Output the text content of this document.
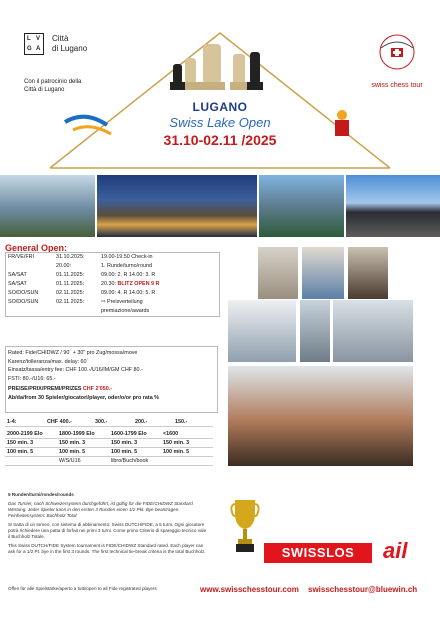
L V
G A
Città
di Lugano
Con il patrocinio della
Città di Lugano
LUGANO
Swiss Lake Open
31.10-02.11 /2025
swiss chess tour
General Open:
FR/VE/FRI	31.10.2025:	19.00-19.50 Check-in
20.00:	1. Runde/turno/round
SA/SAT	01.11.2025:	09.00: 2. R 14.00: 3. R
SA/SAT	01.11.2025:	20.30: BLITZ OPEN 9 R
SO/DO/SUN	02.11.2025:	09.00: 4. R 14.00: 5. R
SO/DO/SUN	02.11.2025:	⇨ Preisverteilung
premiazione/awards
Rated: Fide/CHIDWZ / 90´ + 30" pro Zug/mossa/move
Karenz/tolleranza/max. delay: 60´
Einsatz/tassa/entry fee: CHF 100.-/U16/IM/GM CHF 80.-
FSTI: 80.-/U16: 65.-
PREISE/PRIX/PREMI/PRIZES CHF 2'050.-
Ab/da/from 30 Spieler/giocatori/player, oder/o/or pro rata %
1-4:	CHF 400.-	300.-	200.-	150.-
2000-2199 Elo	1800-1999 Elo	1600-1799 Elo	<1600
150 min. 3	150 min. 3	150 min. 3	150 min. 3
100 min. 5	100 min. 5	100 min. 5	100 min. 5
W/S/U16	libro/Buch/book

5 Runden/turni/rondes/rounds

Das Turnier, nach Schweizersystem durchgeführt, ist gültig für die FIDE/CHIDWZ Standard Wertung. Jeder Spieler kann in den ersten 3 Runden einen 1/2 Pkt. Bye beantragen. Feinheitensystem: Buchholz Total

Si tratta di un torneo, con sistema di abbinamento: Swiss DUTCH/FIDE, a 5 turni. Ogni giocatore potrà richiedere una patta di forfait nei primi 3 turni. Come primo Criterio di spareggio tecnico vale il Buchholz Totale.

This Swiss DUTCH/FIDE System tournament is FIDE/CHIDWZ Standard rated. Each player can ask for a 1/2 Pt. bye in the first 3 rounds. The first technical tie-break criteria is the total Buchholz.

Offen für alle Spielstärke/aperto a tutti/open to all Fide registrated players
SWISSLOS	ail
www.swisschesstour.com swisschesstour@bluewin.ch
